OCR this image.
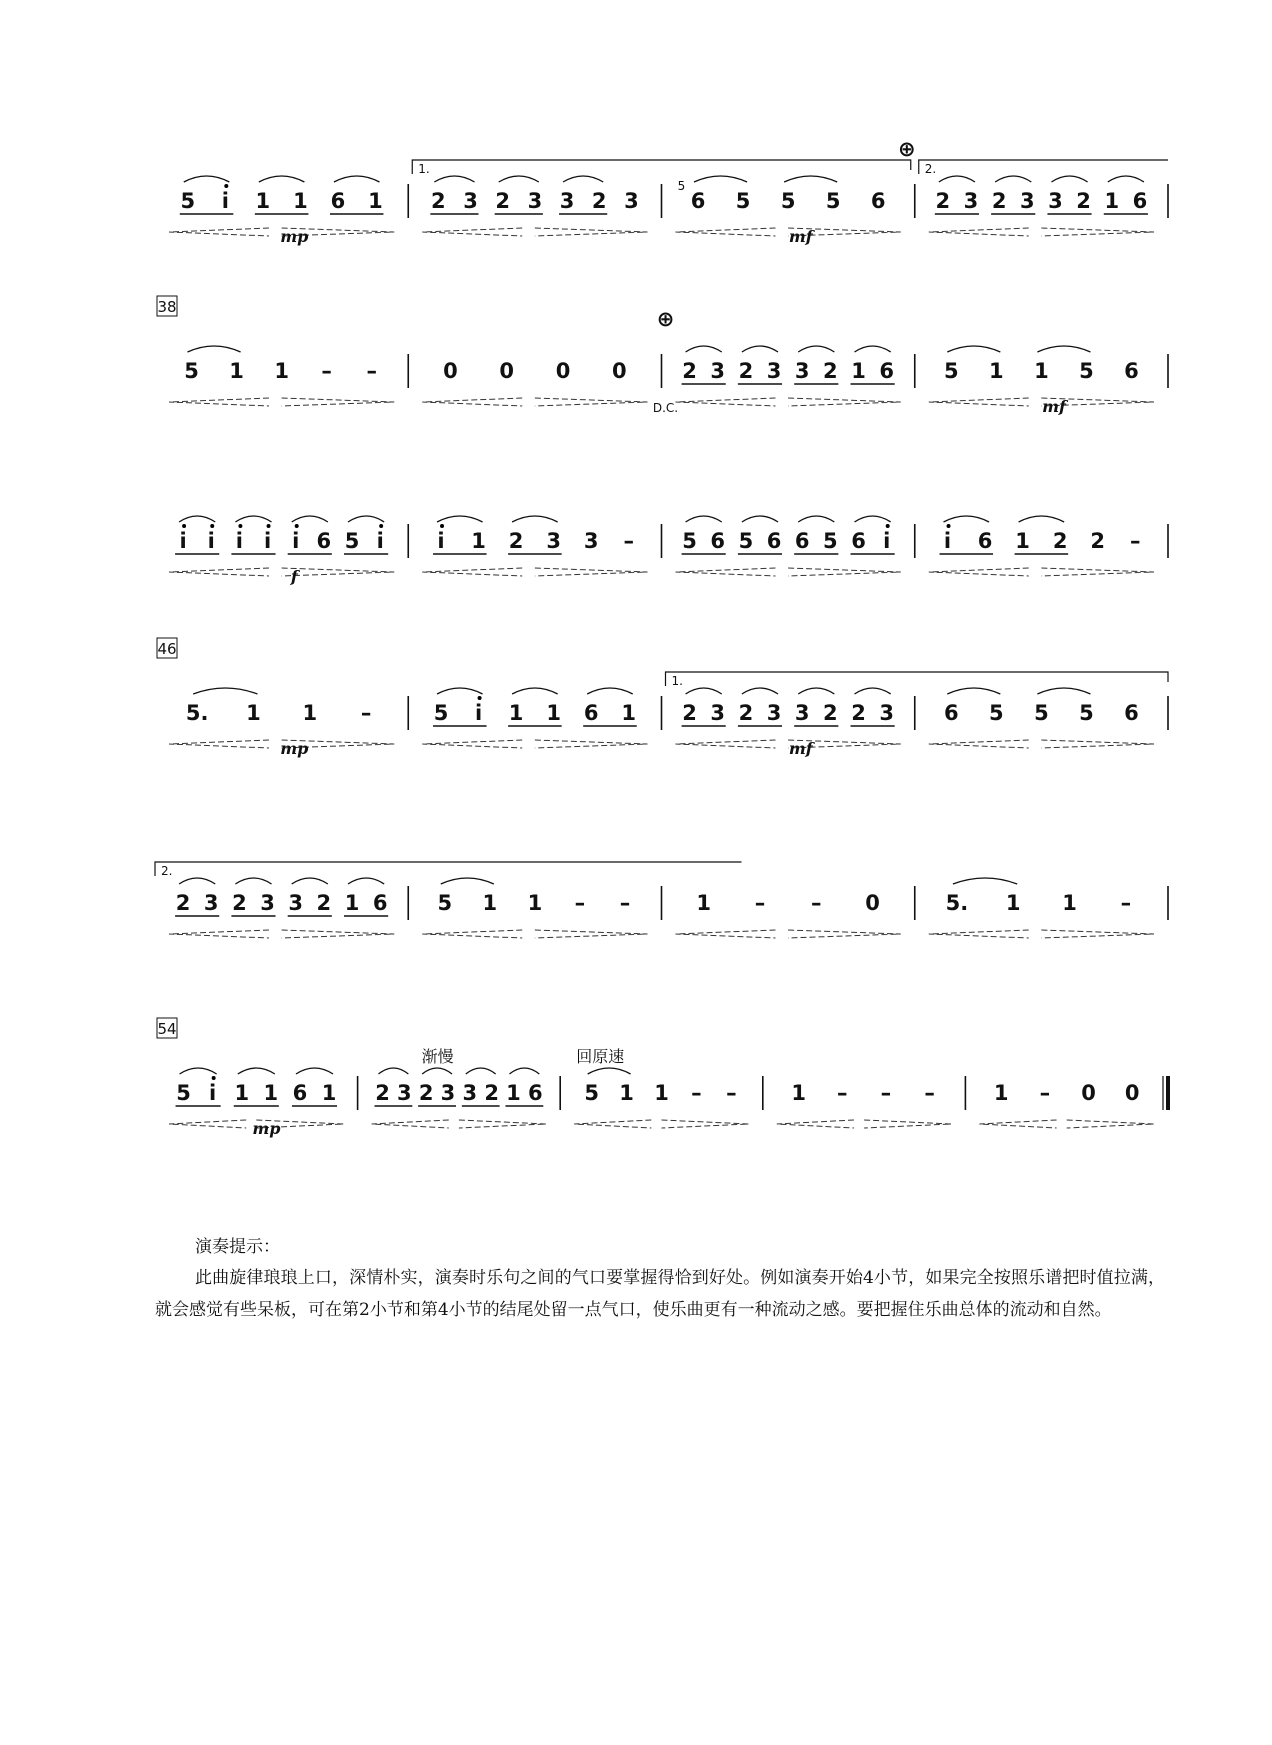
5 i 1 1 6 1 2 3 2 3 3 2 3 6 5 5 5 6 2 3 2 3 3 2 1 6
mp	mf
1.	2.
5
⊕
38
5 1 1 – –	0 0 0 0	2 3 2 3 3 2 1 6 5 1 1 5 6
mf
⊕
D.C.
i i i i i 6 5 i	i 1 2 3 3 – 5 6 5 6 6 5 6 i	i 6 1 2 2 –
f
46
5. 1 1 –	5 i 1 1 6 1 2 3 2 3 3 2 2 3 6 5 5 5 6
mp	mf
1.
2 3 2 3 3 2 1 6 5 1 1 – –	1 – – 0	5. 1 1 –
2.
54
5 i 1 1 6 1 2 3 2 3 3 2 1 6 5 1 1 – –	1 – – –	1 – 0 0
mp
渐慢	回原速

演奏提示：

此曲旋律琅琅上口，深情朴实，演奏时乐句之间的气口要掌握得恰到好处。例如演奏开始4小节，如果完全按照乐谱把时值拉满，就会感觉有些呆板，可在第2小节和第4小节的结尾处留一点气口，使乐曲更有一种流动之感。要把握住乐曲总体的流动和自然。
